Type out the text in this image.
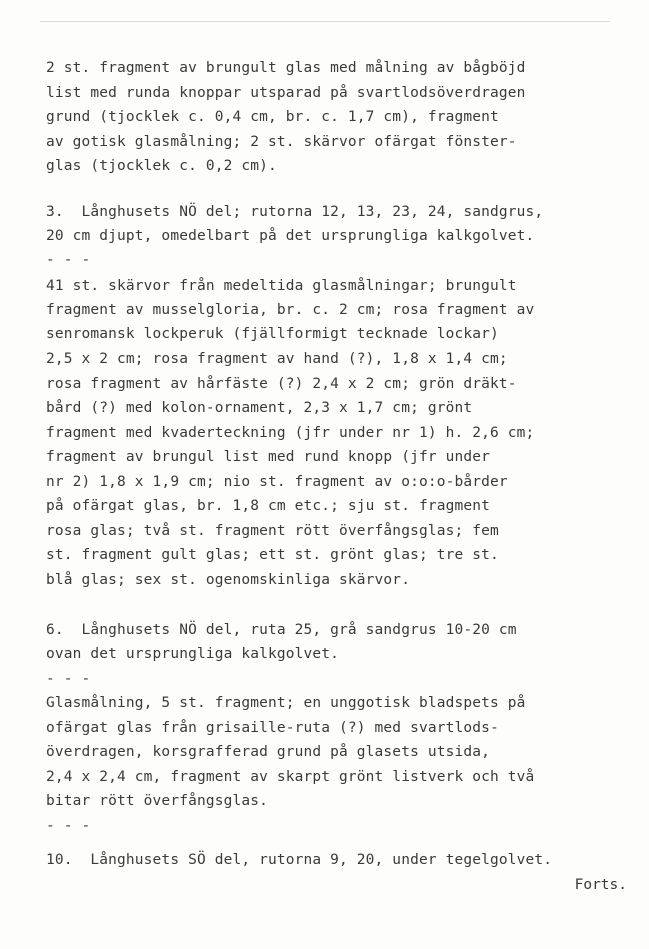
2 st. fragment av brungult glas med målning av bågböjd

list med runda knoppar utsparad på svartlodsöverdragen

grund (tjocklek c. 0,4 cm, br. c. 1,7 cm), fragment

av gotisk glasmålning; 2 st. skärvor ofärgat fönster-

glas (tjocklek c. 0,2 cm).

3.  Långhusets NÖ del; rutorna 12, 13, 23, 24, sandgrus,

20 cm djupt, omedelbart på det ursprungliga kalkgolvet.

- - -

41 st. skärvor från medeltida glasmålningar; brungult

fragment av musselgloria, br. c. 2 cm; rosa fragment av

senromansk lockperuk (fjällformigt tecknade lockar)

2,5 x 2 cm; rosa fragment av hand (?), 1,8 x 1,4 cm;

rosa fragment av hårfäste (?) 2,4 x 2 cm; grön dräkt-

bård (?) med kolon-ornament, 2,3 x 1,7 cm; grönt

fragment med kvaderteckning (jfr under nr 1) h. 2,6 cm;

fragment av brungul list med rund knopp (jfr under

nr 2) 1,8 x 1,9 cm; nio st. fragment av o:o:o-bårder

på ofärgat glas, br. 1,8 cm etc.; sju st. fragment

rosa glas; två st. fragment rött överfångsglas; fem

st. fragment gult glas; ett st. grönt glas; tre st.

blå glas; sex st. ogenomskinliga skärvor.

6.  Långhusets NÖ del, ruta 25, grå sandgrus 10-20 cm

ovan det ursprungliga kalkgolvet.

- - -

Glasmålning, 5 st. fragment; en unggotisk bladspets på

ofärgat glas från grisaille-ruta (?) med svartlods-

överdragen, korsgrafferad grund på glasets utsida,

2,4 x 2,4 cm, fragment av skarpt grönt listverk och två

bitar rött överfångsglas.

- - -

10.  Långhusets SÖ del, rutorna 9, 20, under tegelgolvet.

Forts.
